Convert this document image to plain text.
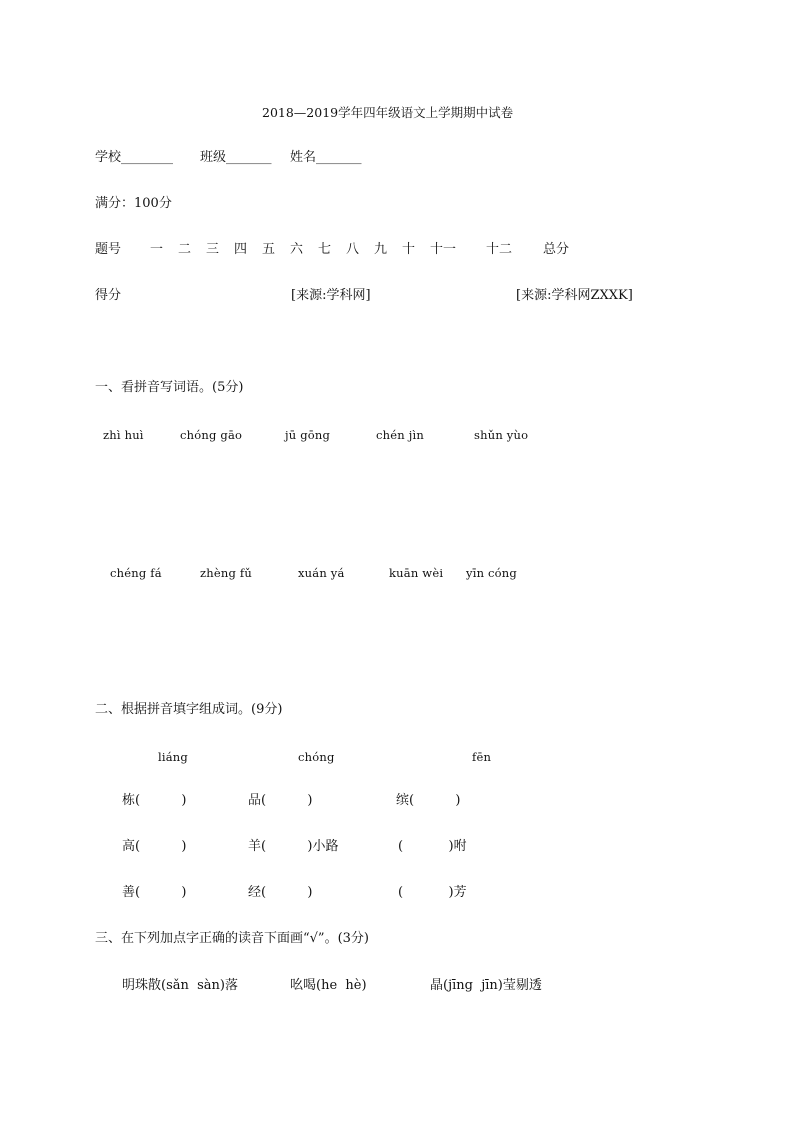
2018—2019学年四年级语文上学期期中试卷
学校________ 班级_______ 姓名_______
满分：100分
题号 一 二 三 四 五 六 七 八 九 十 十一 十二 总分
得分	[来源:学科网]	[来源:学科网ZXXK]
一、看拼音写词语。(5分)
zhì huì	chóng gāo	jū gōng	chén jìn	shǔn yùo
chéng fá	zhèng fǔ	xuán yá	kuān wèi yīn cóng
二、根据拼音填字组成词。(9分)
liáng	chóng	fēn
栋(          )	品(          )	缤(          )
高(          )	羊(          )小路	(           )咐
善(          )	经(          )	(           )芳
三、在下列加点字正确的读音下面画“√”。(3分)
明珠散(sǎn  sàn)落	吆喝(he  hè)	晶(jīng  jīn)莹剔透
